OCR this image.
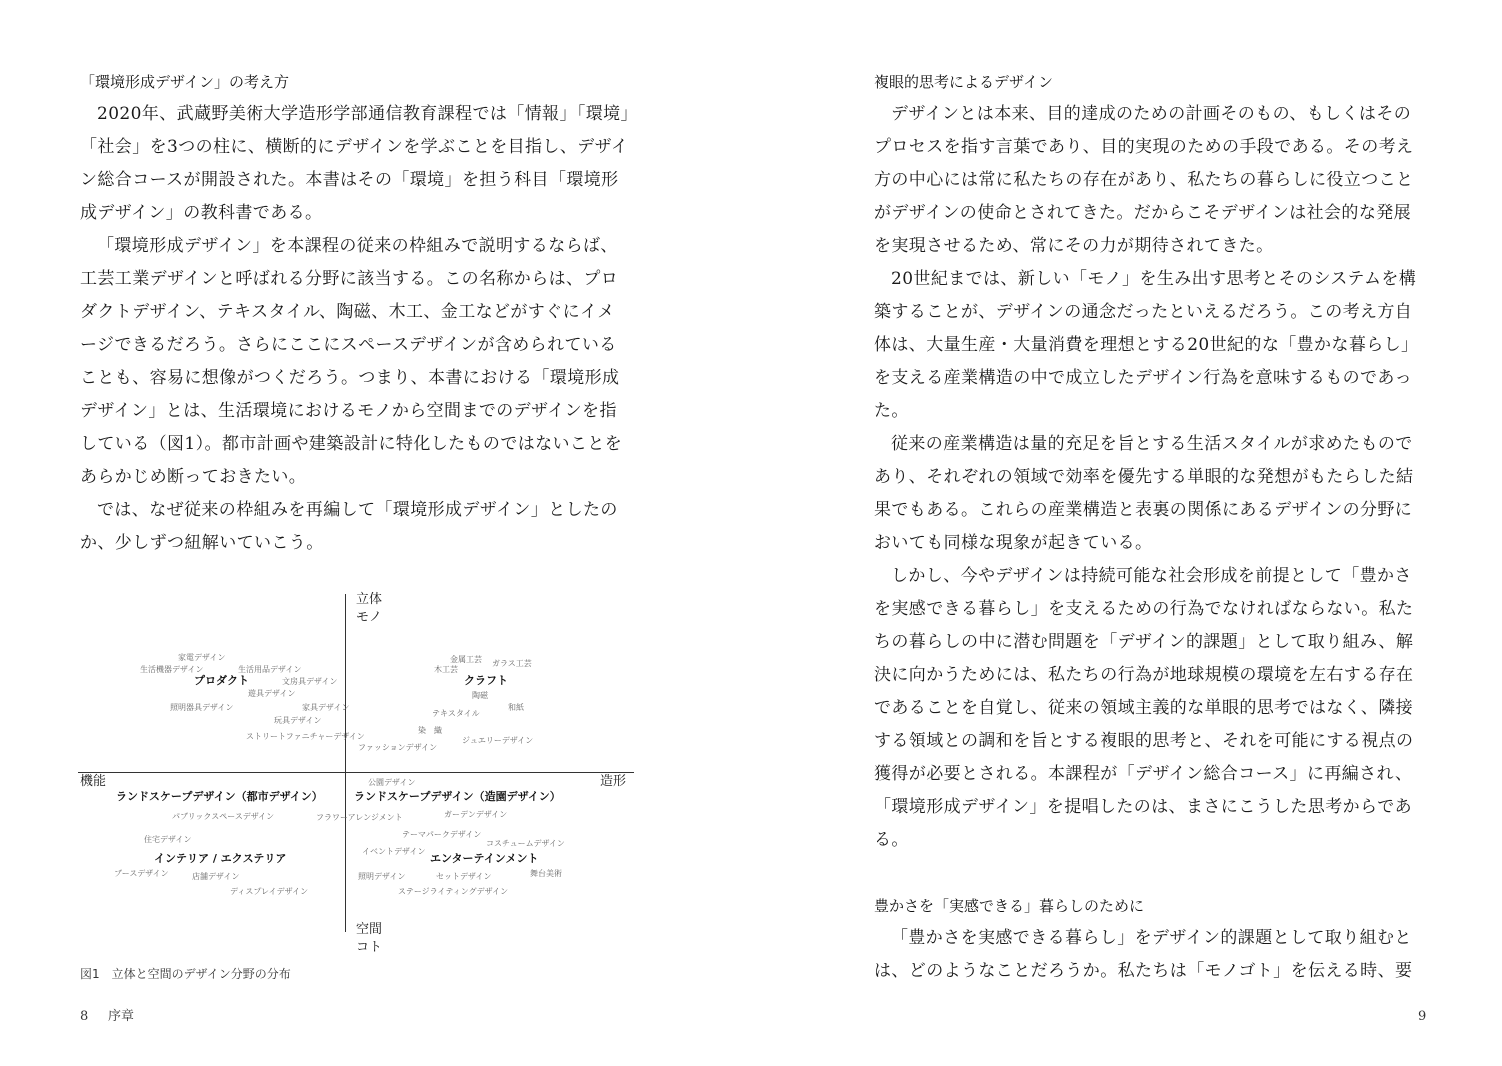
「環境形成デザイン」の考え方

2020年、武蔵野美術大学造形学部通信教育課程では「情報」「環境」「社会」を3つの柱に、横断的にデザインを学ぶことを目指し、デザイン総合コースが開設された。本書はその「環境」を担う科目「環境形成デザイン」の教科書である。

「環境形成デザイン」を本課程の従来の枠組みで説明するならば、工芸工業デザインと呼ばれる分野に該当する。この名称からは、プロダクトデザイン、テキスタイル、陶磁、木工、金工などがすぐにイメージできるだろう。さらにここにスペースデザインが含められていることも、容易に想像がつくだろう。つまり、本書における「環境形成デザイン」とは、生活環境におけるモノから空間までのデザインを指している（図1）。都市計画や建築設計に特化したものではないことをあらかじめ断っておきたい。

では、なぜ従来の枠組みを再編して「環境形成デザイン」としたのか、少しずつ紐解いていこう。

立体
モノ
空間
コト
機能	造形
プロダクト	クラフト
ランドスケープデザイン（都市デザイン）	ランドスケープデザイン（造園デザイン）
インテリア / エクステリア	エンターテインメント
家電デザイン
生活機器デザイン	生活用品デザイン
文房具デザイン
遊具デザイン
照明器具デザイン	家具デザイン
玩具デザイン
ストリートファニチャーデザイン
金属工芸 ガラス工芸
木工芸
陶磁
和紙
テキスタイル
染　織
ファッションデザイン
ジュエリーデザイン
公園デザイン
パブリックスペースデザイン	フラワーアレンジメント	ガーデンデザイン
テーマパークデザイン
コスチュームデザイン
住宅デザイン
イベントデザイン
舞台美術
ブースデザイン	店舗デザイン	照明デザイン	セットデザイン
ディスプレイデザイン	ステージライティングデザイン
図1　立体と空間のデザイン分野の分布
8 序章
複眼的思考によるデザイン

デザインとは本来、目的達成のための計画そのもの、もしくはそのプロセスを指す言葉であり、目的実現のための手段である。その考え方の中心には常に私たちの存在があり、私たちの暮らしに役立つことがデザインの使命とされてきた。だからこそデザインは社会的な発展を実現させるため、常にその力が期待されてきた。

20世紀までは、新しい「モノ」を生み出す思考とそのシステムを構築することが、デザインの通念だったといえるだろう。この考え方自体は、大量生産・大量消費を理想とする20世紀的な「豊かな暮らし」を支える産業構造の中で成立したデザイン行為を意味するものであった。

従来の産業構造は量的充足を旨とする生活スタイルが求めたものであり、それぞれの領域で効率を優先する単眼的な発想がもたらした結果でもある。これらの産業構造と表裏の関係にあるデザインの分野においても同様な現象が起きている。

しかし、今やデザインは持続可能な社会形成を前提として「豊かさを実感できる暮らし」を支えるための行為でなければならない。私たちの暮らしの中に潜む問題を「デザイン的課題」として取り組み、解決に向かうためには、私たちの行為が地球規模の環境を左右する存在であることを自覚し、従来の領域主義的な単眼的思考ではなく、隣接する領域との調和を旨とする複眼的思考と、それを可能にする視点の獲得が必要とされる。本課程が「デザイン総合コース」に再編され、「環境形成デザイン」を提唱したのは、まさにこうした思考からである。

豊かさを「実感できる」暮らしのために

「豊かさを実感できる暮らし」をデザイン的課題として取り組むとは、どのようなことだろうか。私たちは「モノゴト」を伝える時、要

9
